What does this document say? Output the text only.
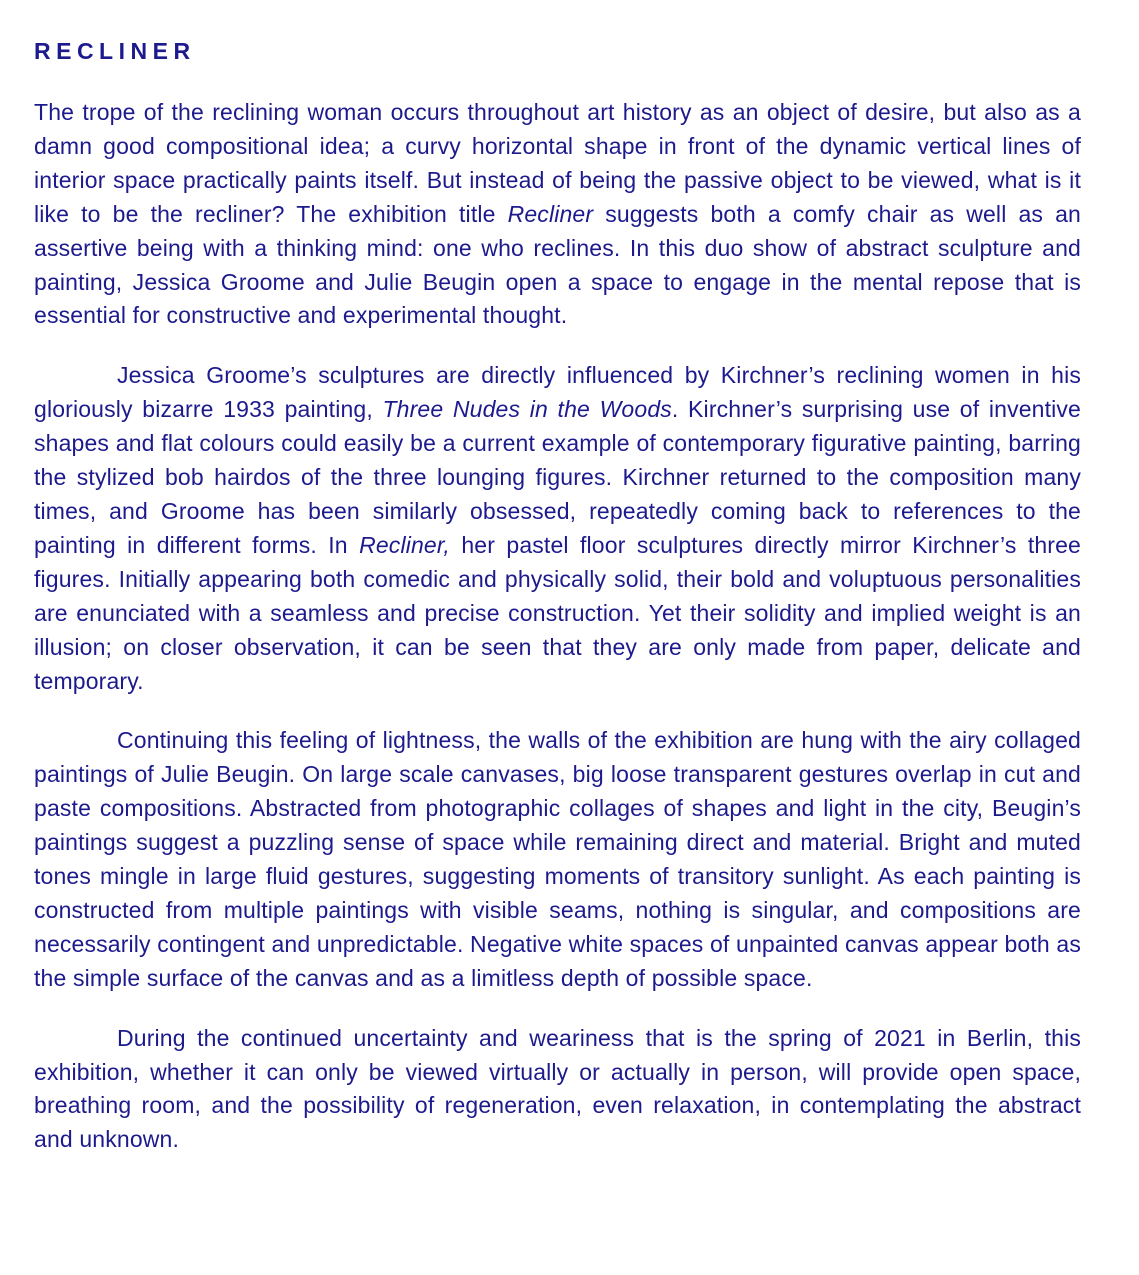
RECLINER

The trope of the reclining woman occurs throughout art history as an object of desire, but also as a damn good compositional idea; a curvy horizontal shape in front of the dynamic vertical lines of interior space practically paints itself. But instead of being the passive object to be viewed, what is it like to be the recliner? The exhibition title Recliner suggests both a comfy chair as well as an assertive being with a thinking mind: one who reclines. In this duo show of abstract sculpture and painting, Jessica Groome and Julie Beugin open a space to engage in the mental repose that is essential for constructive and experimental thought.

Jessica Groome’s sculptures are directly influenced by Kirchner’s reclining women in his gloriously bizarre 1933 painting, Three Nudes in the Woods. Kirchner’s surprising use of inventive shapes and flat colours could easily be a current example of contemporary figurative painting, barring the stylized bob hairdos of the three lounging figures. Kirchner returned to the composition many times, and Groome has been similarly obsessed, repeatedly coming back to references to the painting in different forms. In Recliner, her pastel floor sculptures directly mirror Kirchner’s three figures. Initially appearing both comedic and physically solid, their bold and voluptuous personalities are enunciated with a seamless and precise construction. Yet their solidity and implied weight is an illusion; on closer observation, it can be seen that they are only made from paper, delicate and temporary.

Continuing this feeling of lightness, the walls of the exhibition are hung with the airy collaged paintings of Julie Beugin. On large scale canvases, big loose transparent gestures overlap in cut and paste compositions. Abstracted from photographic collages of shapes and light in the city, Beugin’s paintings suggest a puzzling sense of space while remaining direct and material. Bright and muted tones mingle in large fluid gestures, suggesting moments of transitory sunlight. As each painting is constructed from multiple paintings with visible seams, nothing is singular, and compositions are necessarily contingent and unpredictable. Negative white spaces of unpainted canvas appear both as the simple surface of the canvas and as a limitless depth of possible space.

During the continued uncertainty and weariness that is the spring of 2021 in Berlin, this exhibition, whether it can only be viewed virtually or actually in person, will provide open space, breathing room, and the possibility of regeneration, even relaxation, in contemplating the abstract and unknown.
